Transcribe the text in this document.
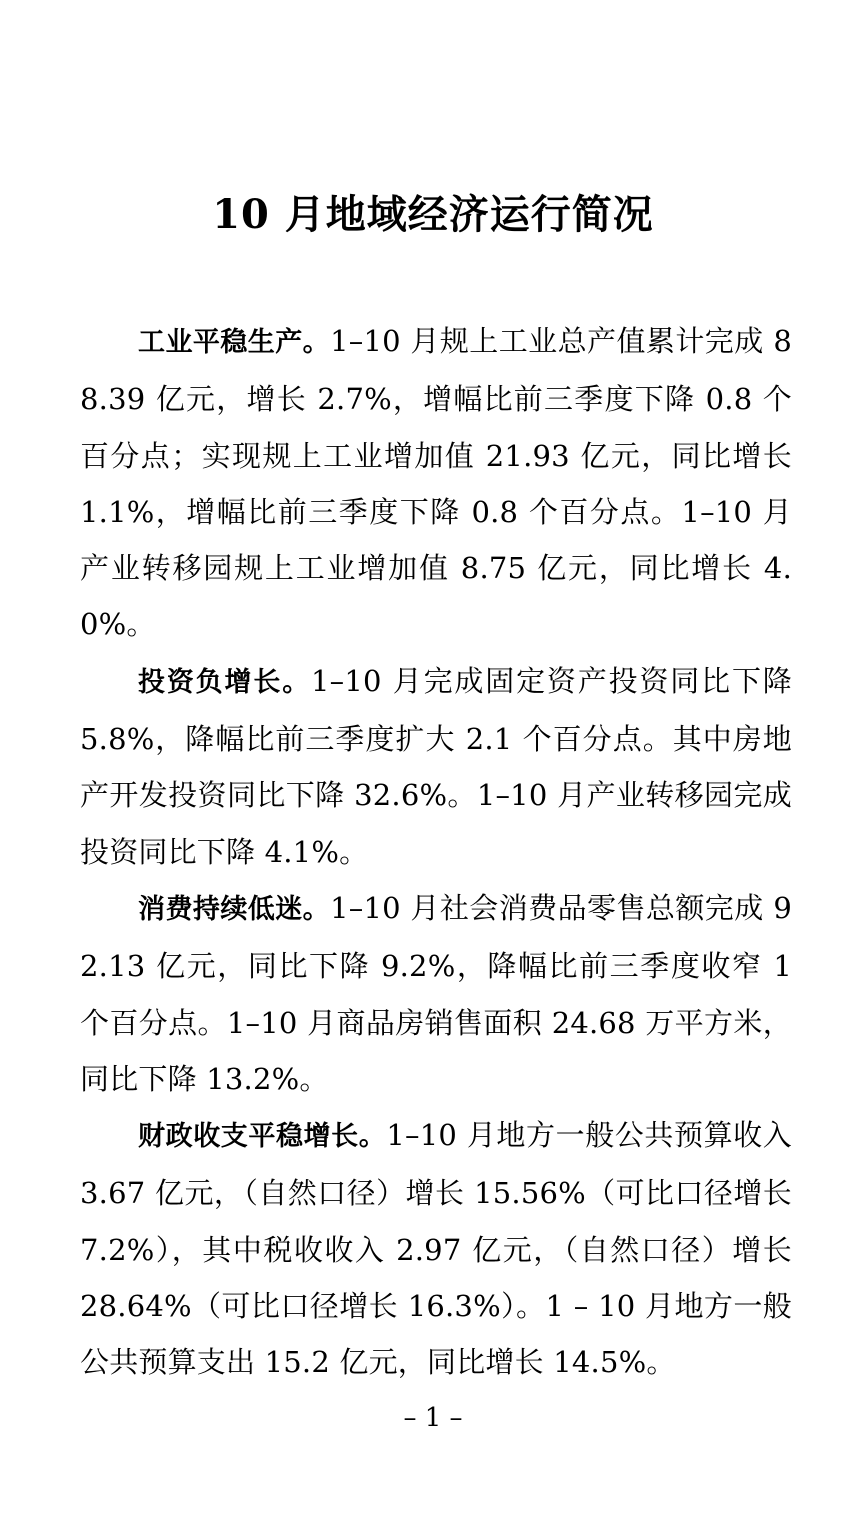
10 月地域经济运行简况

工业平稳生产。1–10 月规上工业总产值累计完成 88.39 亿元，增长 2.7%，增幅比前三季度下降 0.8 个百分点；实现规上工业增加值 21.93 亿元，同比增长 1.1%，增幅比前三季度下降 0.8 个百分点。1–10 月产业转移园规上工业增加值 8.75 亿元，同比增长 4.0%。

投资负增长。1–10 月完成固定资产投资同比下降 5.8%，降幅比前三季度扩大 2.1 个百分点。其中房地产开发投资同比下降 32.6%。1–10 月产业转移园完成投资同比下降 4.1%。

消费持续低迷。1–10 月社会消费品零售总额完成 92.13 亿元，同比下降 9.2%，降幅比前三季度收窄 1 个百分点。1–10 月商品房销售面积 24.68 万平方米，同比下降 13.2%。

财政收支平稳增长。1–10 月地方一般公共预算收入 3.67 亿元，（自然口径）增长 15.56%（可比口径增长 7.2%），其中税收收入 2.97 亿元，（自然口径）增长 28.64%（可比口径增长 16.3%）。1 – 10 月地方一般公共预算支出 15.2 亿元，同比增长 14.5%。

– 1 –
